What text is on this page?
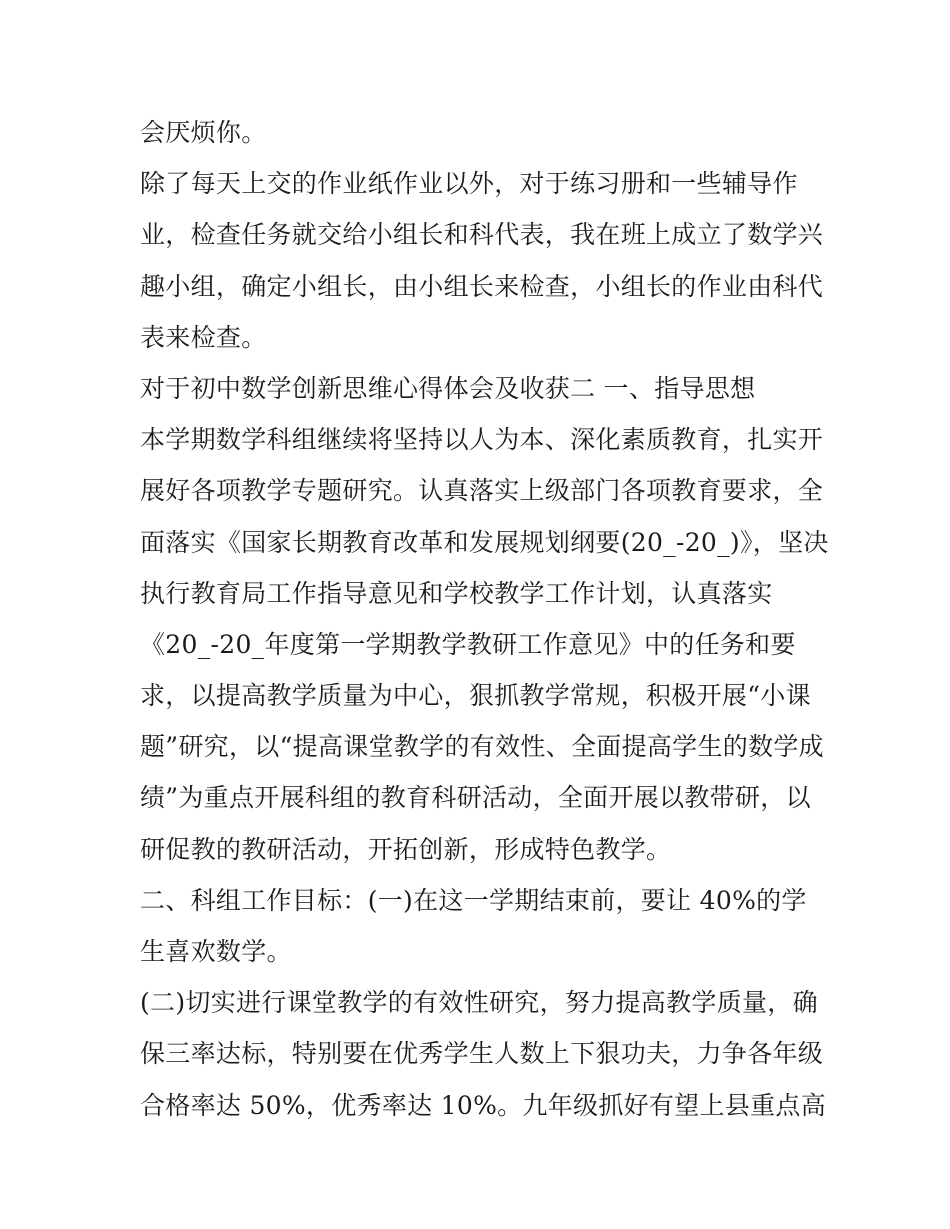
会厌烦你。
除了每天上交的作业纸作业以外，对于练习册和一些辅导作
业，检查任务就交给小组长和科代表，我在班上成立了数学兴
趣小组，确定小组长，由小组长来检查，小组长的作业由科代
表来检查。
对于初中数学创新思维心得体会及收获二 一、指导思想
本学期数学科组继续将坚持以人为本、深化素质教育，扎实开
展好各项教学专题研究。认真落实上级部门各项教育要求，全
面落实《国家长期教育改革和发展规划纲要(20_-20_)》，坚决
执行教育局工作指导意见和学校教学工作计划，认真落实
《20_-20_年度第一学期教学教研工作意见》中的任务和要
求，以提高教学质量为中心，狠抓教学常规，积极开展“小课
题”研究，以“提高课堂教学的有效性、全面提高学生的数学成
绩”为重点开展科组的教育科研活动，全面开展以教带研，以
研促教的教研活动，开拓创新，形成特色教学。
二、科组工作目标：(一)在这一学期结束前，要让 40%的学
生喜欢数学。
(二)切实进行课堂教学的有效性研究，努力提高教学质量，确
保三率达标，特别要在优秀学生人数上下狠功夫，力争各年级
合格率达 50%，优秀率达 10%。九年级抓好有望上县重点高
